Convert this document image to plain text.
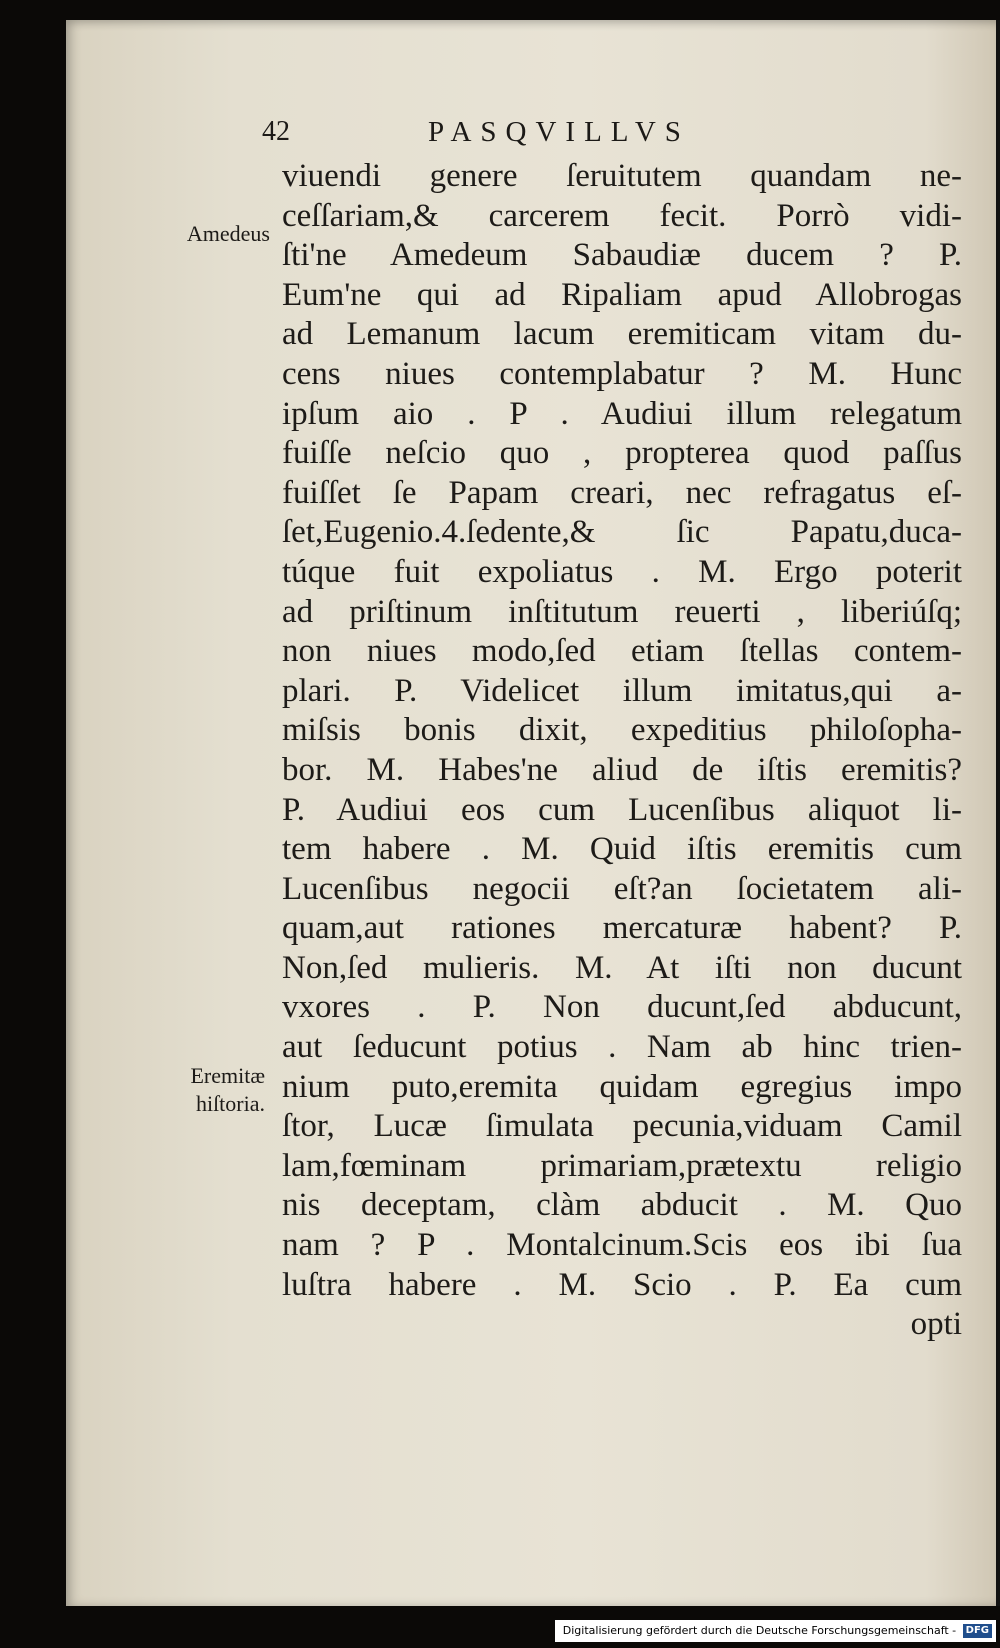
42	PASQVILLVS
Amedeus
Eremitæ
hiſtoria.
viuendi genere ſeruitutem quandam ne-
ceſſariam,& carcerem fecit. Porrò vidi-
ſti'ne Amedeum Sabaudiæ ducem ? P.
Eum'ne qui ad Ripaliam apud Allobrogas
ad Lemanum lacum eremiticam vitam du-
cens niues contemplabatur ? M. Hunc
ipſum aio . P . Audiui illum relegatum
fuiſſe neſcio quo , propterea quod paſſus
fuiſſet ſe Papam creari, nec refragatus eſ-
ſet,Eugenio.4.ſedente,& ſic Papatu,duca-
túque fuit expoliatus . M. Ergo poterit
ad priſtinum inſtitutum reuerti , liberiúſq;
non niues modo,ſed etiam ſtellas contem-
plari. P. Videlicet illum imitatus,qui a-
miſsis bonis dixit, expeditius philoſopha-
bor. M. Habes'ne aliud de iſtis eremitis?
P. Audiui eos cum Lucenſibus aliquot li-
tem habere . M. Quid iſtis eremitis cum
Lucenſibus negocii eſt?an ſocietatem ali-
quam,aut rationes mercaturæ habent? P.
Non,ſed mulieris. M. At iſti non ducunt
vxores . P. Non ducunt,ſed abducunt,
aut ſeducunt potius . Nam ab hinc trien-
nium puto,eremita quidam egregius impo
ſtor, Lucæ ſimulata pecunia,viduam Camil
lam,fœminam primariam,prætextu religio
nis deceptam, clàm abducit . M. Quo
nam ? P . Montalcinum.Scis eos ibi ſua
luſtra habere . M. Scio . P. Ea cum
opti
Digitalisierung gefördert durch die Deutsche Forschungsgemeinschaft - DFG
